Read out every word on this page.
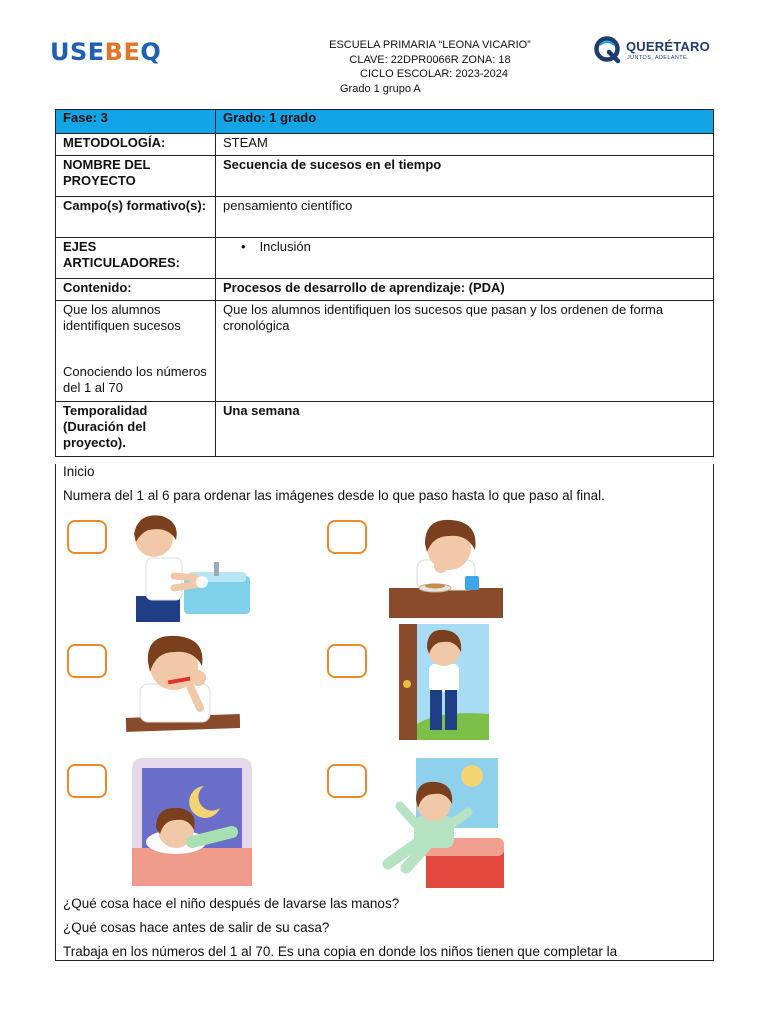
USEBEQ	ESCUELA PRIMARIA “LEONA VICARIO”
CLAVE: 22DPR0066R ZONA: 18
CICLO ESCOLAR: 2023-2024
Grado 1 grupo A
QUERÉTARO
JUNTOS, ADELANTE.
Fase: 3	Grado: 1 grado
METODOLOGÍA:	STEAM
NOMBRE DEL PROYECTO	Secuencia de sucesos en el tiempo
Campo(s) formativo(s):	pensamiento científico
EJES ARTICULADORES:	• Inclusión

Contenido:	Procesos de desarrollo de aprendizaje: (PDA)

Que los alumnos identifiquen sucesos
Conociendo los números del 1 al 70	Que los alumnos identifiquen los sucesos que pasan y los ordenen de forma cronológica
Temporalidad (Duración del proyecto).	Una semana
Inicio
Numera del 1 al 6 para ordenar las imágenes desde lo que paso hasta lo que paso al final.
¿Qué cosa hace el niño después de lavarse las manos?
¿Qué cosas hace antes de salir de su casa?
Trabaja en los números del 1 al 70. Es una copia en donde los niños tienen que completar la
